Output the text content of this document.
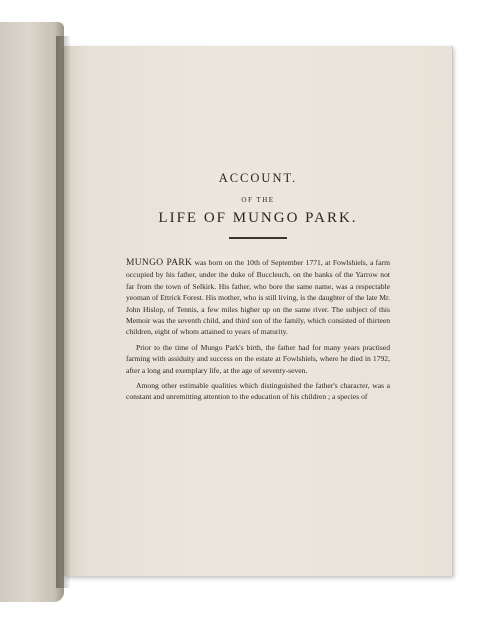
ACCOUNT.
OF THE
LIFE OF MUNGO PARK.

MUNGO PARK was born on the 10th of September 1771, at Fowlshiels, a farm occupied by his father, under the duke of Buccleuch, on the banks of the Yarrow not far from the town of Selkirk. His father, who bore the same name, was a respectable yeoman of Ettrick Forest. His mother, who is still living, is the daughter of the late Mr. John Hislop, of Tennis, a few miles higher up on the same river. The subject of this Memoir was the seventh child, and third son of the family, which consisted of thirteen children, eight of whom attained to years of maturity.

Prior to the time of Mungo Park's birth, the father had for many years practised farming with assiduity and success on the estate at Fowlshiels, where he died in 1792, after a long and exemplary life, at the age of seventy-seven.

Among other estimable qualities which distinguished the father's character, was a constant and unremitting attention to the education of his children ; a species of
